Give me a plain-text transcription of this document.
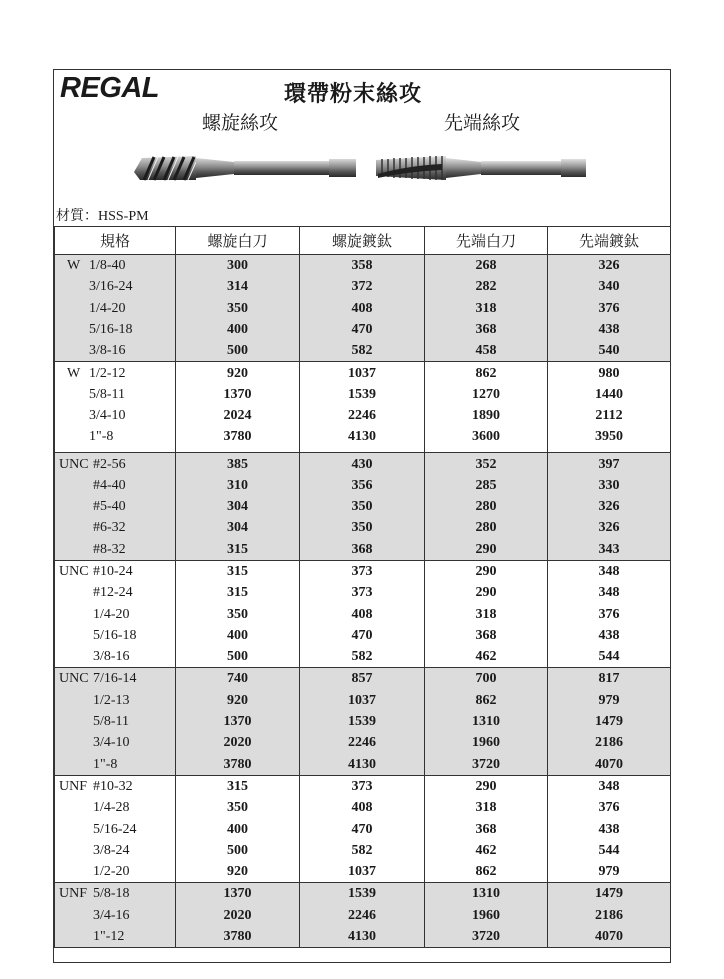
REGAL	環帶粉末絲攻
螺旋絲攻	先端絲攻
材質：HSS-PM
規格	螺旋白刀	螺旋鍍鈦	先端白刀	先端鍍鈦
W 1/8-40	300	358	268	326
3/16-24	314	372	282	340
1/4-20	350	408	318	376
5/16-18	400	470	368	438
3/8-16	500	582	458	540
W 1/2-12	920	1037	862	980
5/8-11	1370	1539	1270	1440
3/4-10	2024	2246	1890	2112
1"-8	3780	4130	3600	3950
UNC #2-56	385	430	352	397
#4-40	310	356	285	330
#5-40	304	350	280	326
#6-32	304	350	280	326
#8-32	315	368	290	343
UNC #10-24	315	373	290	348
#12-24	315	373	290	348
1/4-20	350	408	318	376
5/16-18	400	470	368	438
3/8-16	500	582	462	544
UNC 7/16-14	740	857	700	817
1/2-13	920	1037	862	979
5/8-11	1370	1539	1310	1479
3/4-10	2020	2246	1960	2186
1"-8	3780	4130	3720	4070
UNF #10-32	315	373	290	348
1/4-28	350	408	318	376
5/16-24	400	470	368	438
3/8-24	500	582	462	544
1/2-20	920	1037	862	979
UNF 5/8-18	1370	1539	1310	1479
3/4-16	2020	2246	1960	2186
1"-12	3780	4130	3720	4070
